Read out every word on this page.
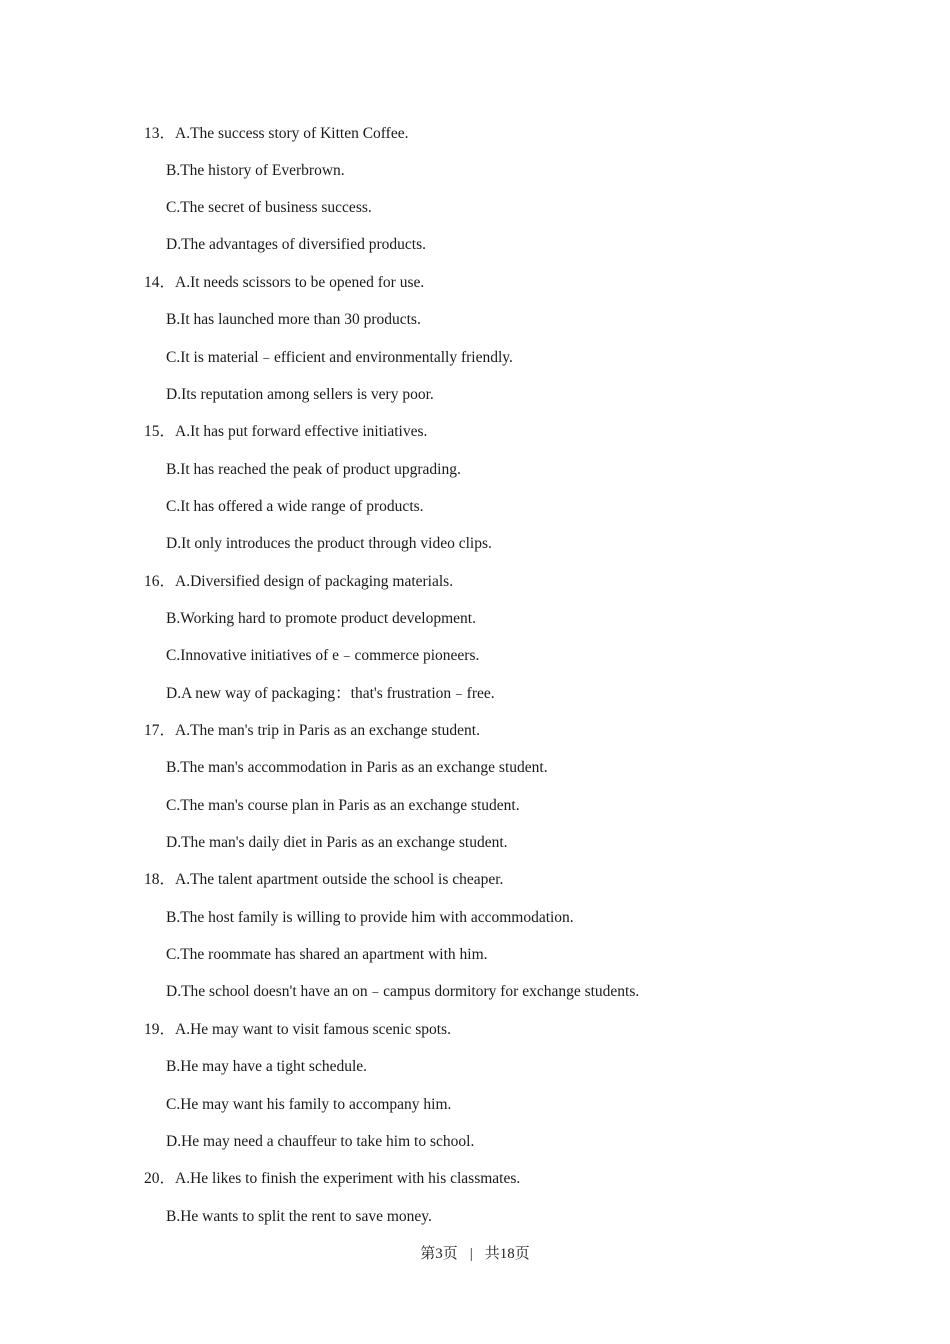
13．A.The success story of Kitten Coffee.
B.The history of Everbrown.
C.The secret of business success.
D.The advantages of diversified products.
14．A.It needs scissors to be opened for use.
B.It has launched more than 30 products.
C.It is material﹣efficient and environmentally friendly.
D.Its reputation among sellers is very poor.
15．A.It has put forward effective initiatives.
B.It has reached the peak of product upgrading.
C.It has offered a wide range of products.
D.It only introduces the product through video clips.
16．A.Diversified design of packaging materials.
B.Working hard to promote product development.
C.Innovative initiatives of e﹣commerce pioneers.
D.A new way of packaging：that's frustration﹣free.
17．A.The man's trip in Paris as an exchange student.
B.The man's accommodation in Paris as an exchange student.
C.The man's course plan in Paris as an exchange student.
D.The man's daily diet in Paris as an exchange student.
18．A.The talent apartment outside the school is cheaper.
B.The host family is willing to provide him with accommodation.
C.The roommate has shared an apartment with him.
D.The school doesn't have an on﹣campus dormitory for exchange students.
19．A.He may want to visit famous scenic spots.
B.He may have a tight schedule.
C.He may want his family to accompany him.
D.He may need a chauffeur to take him to school.
20．A.He likes to finish the experiment with his classmates.
B.He wants to split the rent to save money.
第3页 | 共18页
